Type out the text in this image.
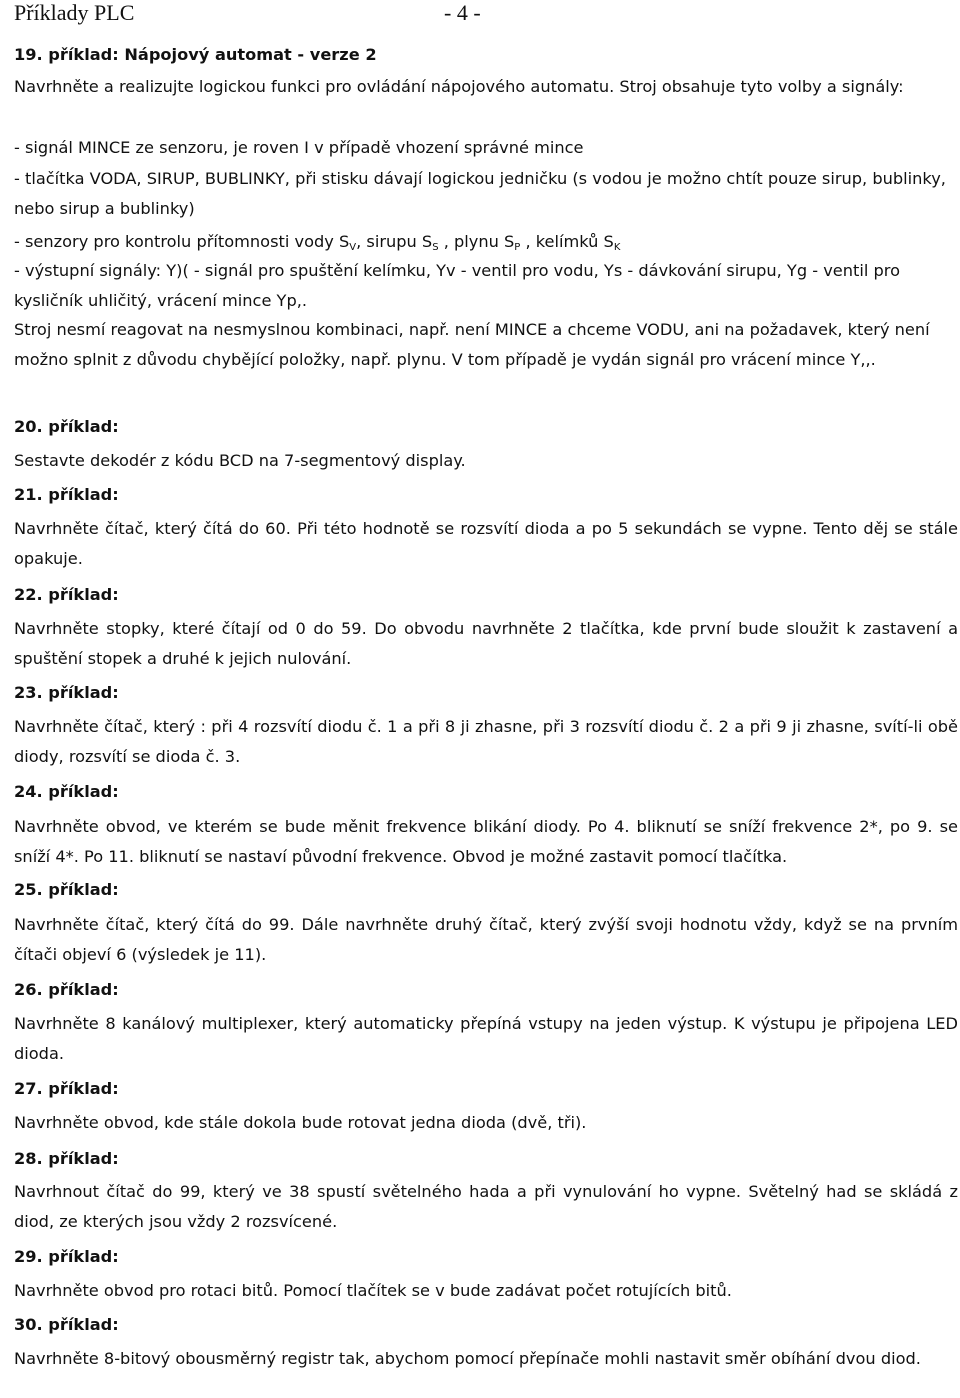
Příklady PLC	- 4 -
19. příklad: Nápojový automat - verze 2
Navrhněte a realizujte logickou funkci pro ovládání nápojového automatu. Stroj obsahuje tyto volby a signály:
- signál MINCE ze senzoru, je roven I v případě vhození správné mince
- tlačítka VODA, SIRUP, BUBLINKY, při stisku dávají logickou jedničku (s vodou je možno chtít pouze sirup, bublinky, nebo sirup a bublinky)
- senzory pro kontrolu přítomnosti vody $S_V$, sirupu $S_S$ , plynu $S_P$ , kelímků $S_K$
- výstupní signály: Y)( - signál pro spuštění kelímku, Yv - ventil pro vodu, Ys - dávkování sirupu, Yg - ventil pro kysličník uhličitý, vrácení mince Yp,.
Stroj nesmí reagovat na nesmyslnou kombinaci, např. není MINCE a chceme VODU, ani na požadavek, který není možno splnit z důvodu chybějící položky, např. plynu. V tom případě je vydán signál pro vrácení mince Y,,.
20. příklad:
Sestavte dekodér z kódu BCD na 7-segmentový display.
21. příklad:
Navrhněte čítač, který čítá do 60. Při této hodnotě se rozsvítí dioda a po 5 sekundách se vypne. Tento děj se stále opakuje.
22. příklad:
Navrhněte stopky, které čítají od 0 do 59. Do obvodu navrhněte 2 tlačítka, kde první bude sloužit k zastavení a spuštění stopek a druhé k jejich nulování.
23. příklad:
Navrhněte čítač, který : při 4 rozsvítí diodu č. 1 a při 8 ji zhasne, při 3 rozsvítí diodu č. 2 a při 9 ji zhasne, svítí-li obě diody, rozsvítí se dioda č. 3.
24. příklad:
Navrhněte obvod, ve kterém se bude měnit frekvence blikání diody. Po 4. bliknutí se sníží frekvence 2*, po 9. se sníží 4*. Po 11. bliknutí se nastaví původní frekvence. Obvod je možné zastavit pomocí tlačítka.
25. příklad:
Navrhněte čítač, který čítá do 99. Dále navrhněte druhý čítač, který zvýší svoji hodnotu vždy, když se na prvním čítači objeví 6 (výsledek je 11).
26. příklad:
Navrhněte 8 kanálový multiplexer, který automaticky přepíná vstupy na jeden výstup. K výstupu je připojena LED dioda.
27. příklad:
Navrhněte obvod, kde stále dokola bude rotovat jedna dioda (dvě, tři).
28. příklad:
Navrhnout čítač do 99, který ve 38 spustí světelného hada a při vynulování ho vypne. Světelný had se skládá z diod, ze kterých jsou vždy 2 rozsvícené.
29. příklad:
Navrhněte obvod pro rotaci bitů. Pomocí tlačítek se v bude zadávat počet rotujících bitů.
30. příklad:
Navrhněte 8-bitový obousměrný registr tak, abychom pomocí přepínače mohli nastavit směr obíhání dvou diod.
